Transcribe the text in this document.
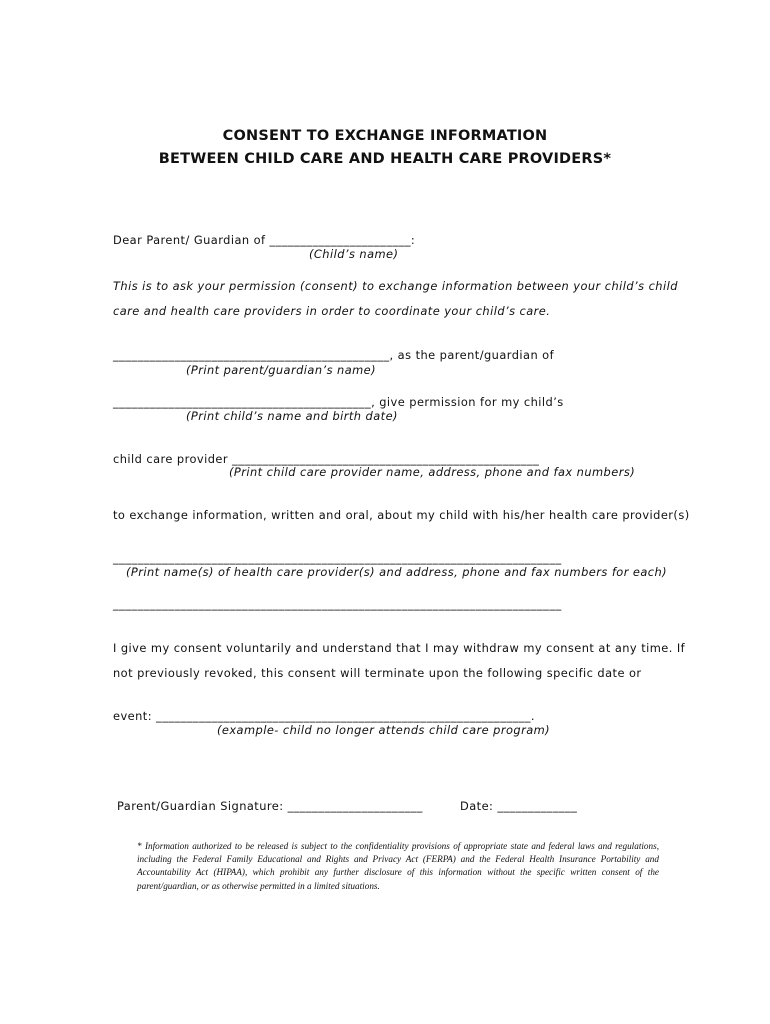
CONSENT TO EXCHANGE INFORMATION
BETWEEN CHILD CARE AND HEALTH CARE PROVIDERS*
Dear Parent/ Guardian of _______________________:
(Child’s name)
This is to ask your permission (consent) to exchange information between your child’s child
care and health care providers in order to coordinate your child’s care.
_____________________________________________, as the parent/guardian of
(Print parent/guardian’s name)
__________________________________________, give permission for my child’s
(Print child’s name and birth date)
child care provider __________________________________________________
(Print child care provider name, address, phone and fax numbers)
to exchange information, written and oral, about my child with his/her health care provider(s)
_________________________________________________________________________
(Print name(s) of health care provider(s) and address, phone and fax numbers for each)
_________________________________________________________________________
I give my consent voluntarily and understand that I may withdraw my consent at any time. If
not previously revoked, this consent will terminate upon the following specific date or
event: _____________________________________________________________.
(example- child no longer attends child care program)
Parent/Guardian Signature: ______________________	Date: _____________
* Information authorized to be released is subject to the confidentiality provisions of appropriate state and federal laws and regulations, including the Federal Family Educational and Rights and Privacy Act (FERPA) and the Federal Health Insurance Portability and Accountability Act (HIPAA), which prohibit any further disclosure of this information without the specific written consent of the parent/guardian, or as otherwise permitted in a limited situations.
